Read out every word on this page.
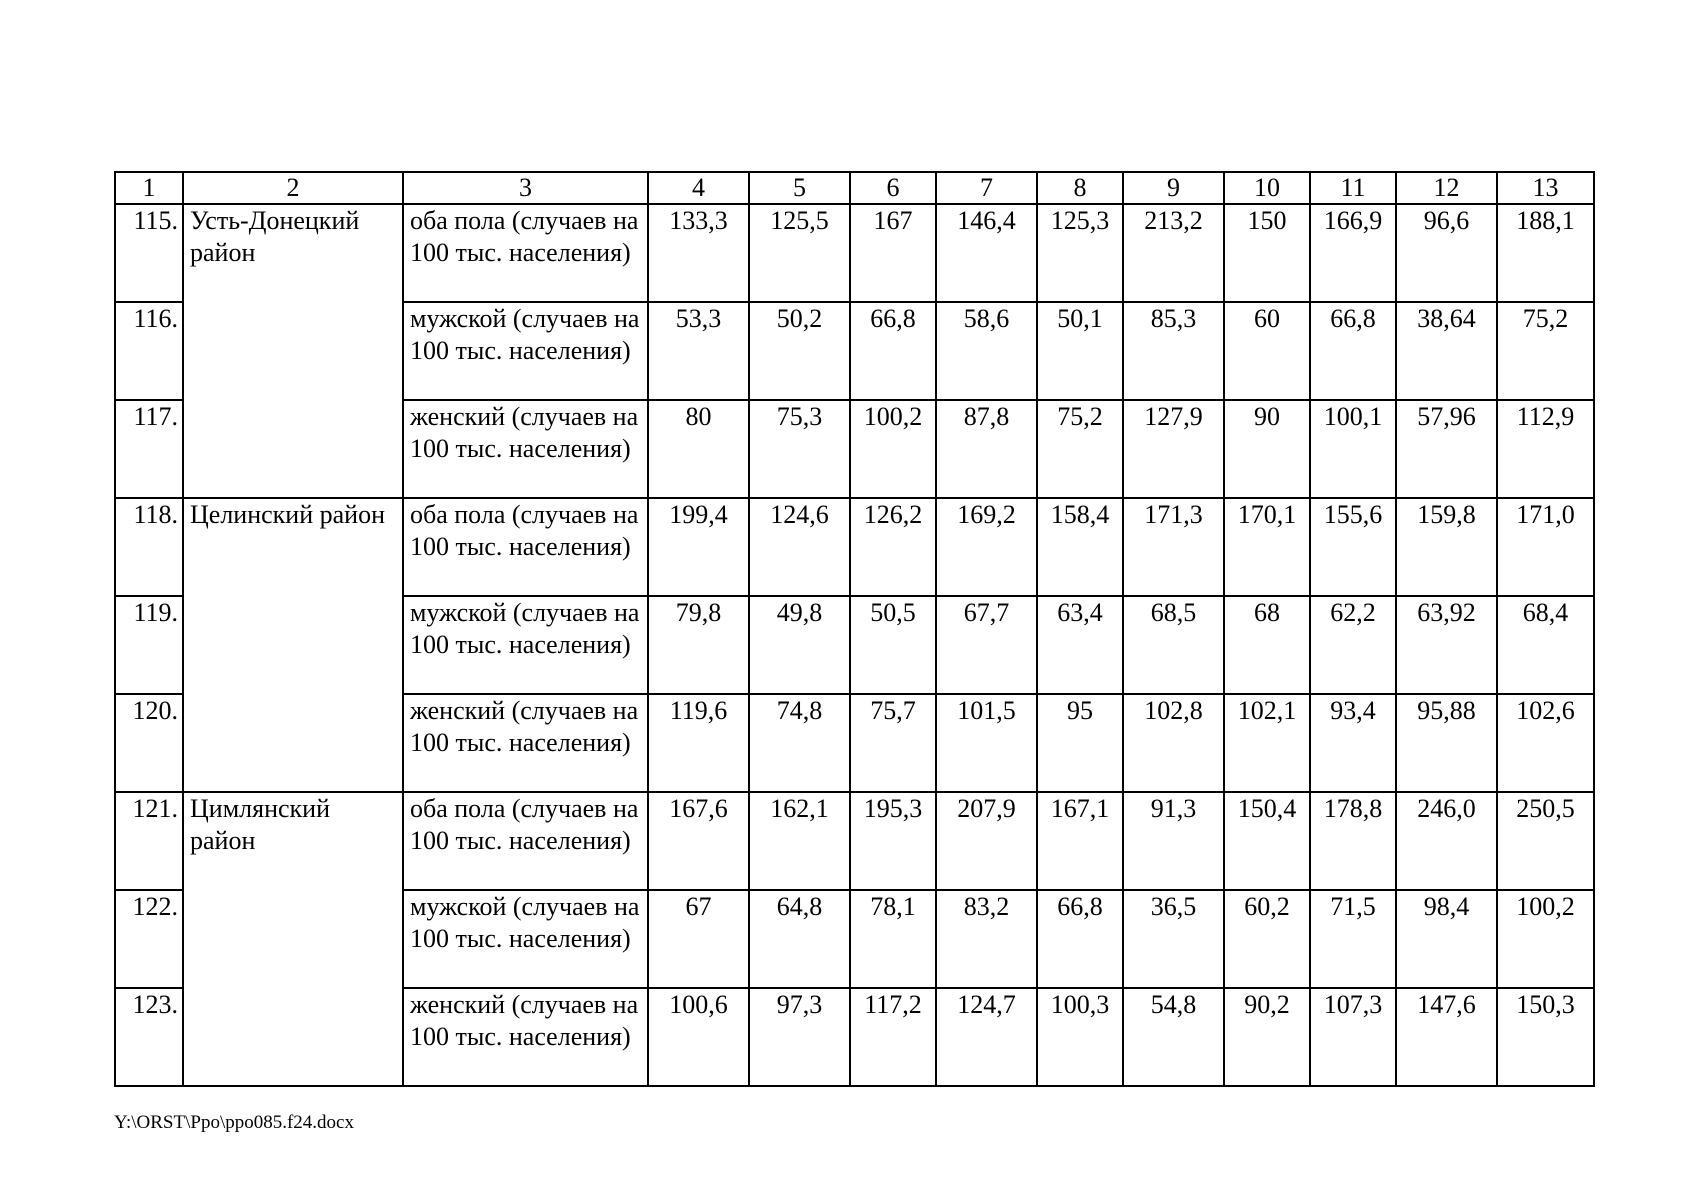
1	2	3	4	5	6	7	8	9	10	11	12	13
115.	Усть-Донецкий район	оба пола (случаев на 100 тыс. населения)	133,3	125,5	167	146,4	125,3	213,2	150	166,9	96,6	188,1
116.		мужской (случаев на 100 тыс. населения)	53,3	50,2	66,8	58,6	50,1	85,3	60	66,8	38,64	75,2
117.		женский (случаев на 100 тыс. населения)	80	75,3	100,2	87,8	75,2	127,9	90	100,1	57,96	112,9
118.	Целинский район	оба пола (случаев на 100 тыс. населения)	199,4	124,6	126,2	169,2	158,4	171,3	170,1	155,6	159,8	171,0
119.		мужской (случаев на 100 тыс. населения)	79,8	49,8	50,5	67,7	63,4	68,5	68	62,2	63,92	68,4
120.		женский (случаев на 100 тыс. населения)	119,6	74,8	75,7	101,5	95	102,8	102,1	93,4	95,88	102,6
121.	Цимлянский район	оба пола (случаев на 100 тыс. населения)	167,6	162,1	195,3	207,9	167,1	91,3	150,4	178,8	246,0	250,5
122.		мужской (случаев на 100 тыс. населения)	67	64,8	78,1	83,2	66,8	36,5	60,2	71,5	98,4	100,2
123.		женский (случаев на 100 тыс. населения)	100,6	97,3	117,2	124,7	100,3	54,8	90,2	107,3	147,6	150,3
Y:\ORST\Ppo\ppo085.f24.docx
